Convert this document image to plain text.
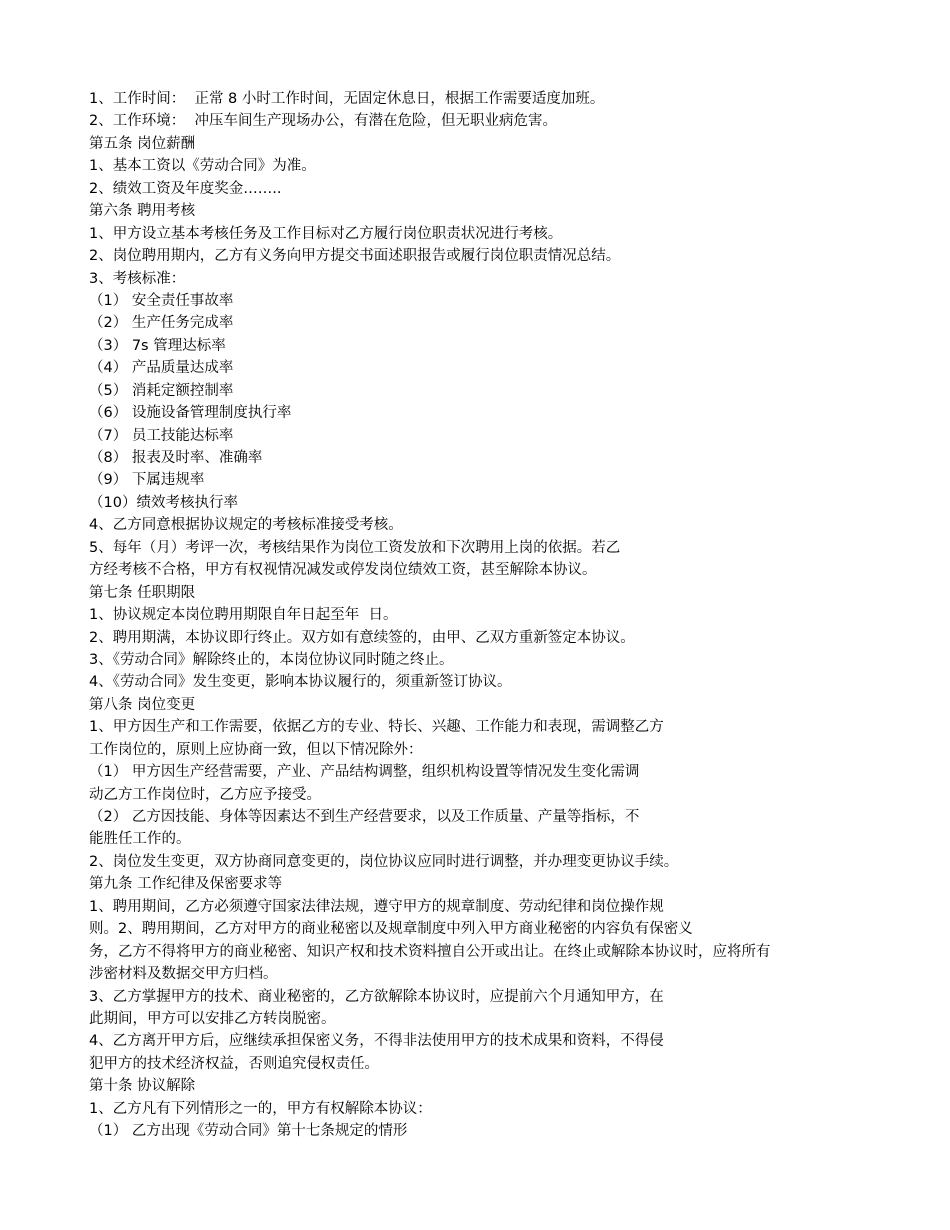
1、工作时间：  正常 8 小时工作时间，无固定休息日，根据工作需要适度加班。
2、工作环境：  冲压车间生产现场办公，有潜在危险，但无职业病危害。
第五条 岗位薪酬
1、基本工资以《劳动合同》为准。
2、绩效工资及年度奖金……..
第六条 聘用考核
1、甲方设立基本考核任务及工作目标对乙方履行岗位职责状况进行考核。
2、岗位聘用期内，乙方有义务向甲方提交书面述职报告或履行岗位职责情况总结。
3、考核标准：
（1） 安全责任事故率
（2） 生产任务完成率
（3） 7s 管理达标率
（4） 产品质量达成率
（5） 消耗定额控制率
（6） 设施设备管理制度执行率
（7） 员工技能达标率
（8） 报表及时率、准确率
（9） 下属违规率
（10）绩效考核执行率
4、乙方同意根据协议规定的考核标准接受考核。
5、每年（月）考评一次，考核结果作为岗位工资发放和下次聘用上岗的依据。若乙
方经考核不合格，甲方有权视情况减发或停发岗位绩效工资，甚至解除本协议。
第七条 任职期限
1、协议规定本岗位聘用期限自年日起至年  日。
2、聘用期满，本协议即行终止。双方如有意续签的，由甲、乙双方重新签定本协议。
3、《劳动合同》解除终止的，本岗位协议同时随之终止。
4、《劳动合同》发生变更，影响本协议履行的，须重新签订协议。
第八条 岗位变更
1、甲方因生产和工作需要，依据乙方的专业、特长、兴趣、工作能力和表现，需调整乙方
工作岗位的，原则上应协商一致，但以下情况除外：
（1） 甲方因生产经营需要，产业、产品结构调整，组织机构设置等情况发生变化需调
动乙方工作岗位时，乙方应予接受。
（2） 乙方因技能、身体等因素达不到生产经营要求，以及工作质量、产量等指标，不
能胜任工作的。
2、岗位发生变更，双方协商同意变更的，岗位协议应同时进行调整，并办理变更协议手续。
第九条 工作纪律及保密要求等
1、聘用期间，乙方必须遵守国家法律法规，遵守甲方的规章制度、劳动纪律和岗位操作规
则。2、聘用期间，乙方对甲方的商业秘密以及规章制度中列入甲方商业秘密的内容负有保密义
务，乙方不得将甲方的商业秘密、知识产权和技术资料擅自公开或出让。在终止或解除本协议时，应将所有
涉密材料及数据交甲方归档。
3、乙方掌握甲方的技术、商业秘密的，乙方欲解除本协议时，应提前六个月通知甲方，在
此期间，甲方可以安排乙方转岗脱密。
4、乙方离开甲方后，应继续承担保密义务，不得非法使用甲方的技术成果和资料，不得侵
犯甲方的技术经济权益，否则追究侵权责任。
第十条 协议解除
1、乙方凡有下列情形之一的，甲方有权解除本协议：
（1） 乙方出现《劳动合同》第十七条规定的情形
